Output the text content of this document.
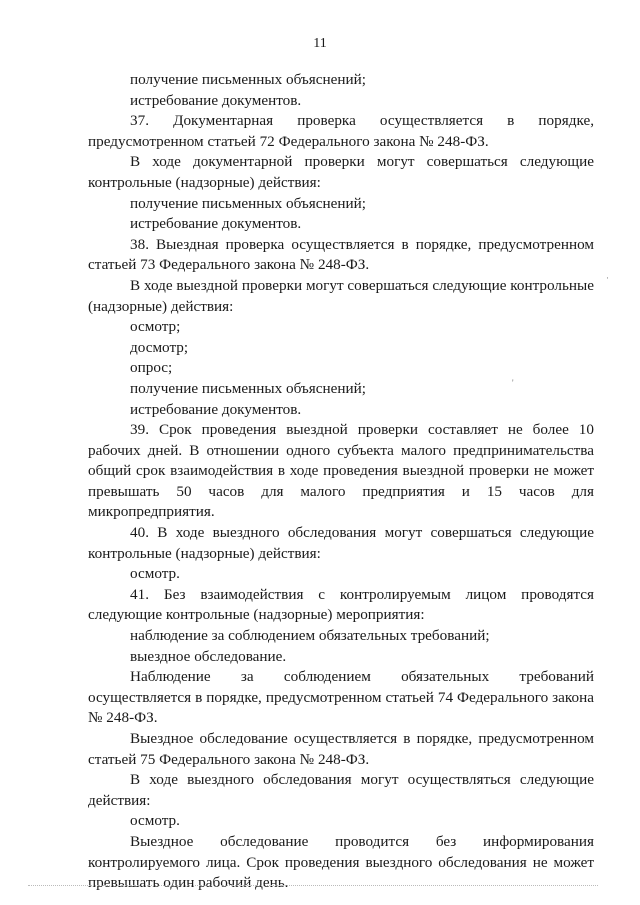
11

получение письменных объяснений;

истребование документов.

37. Документарная проверка осуществляется в порядке, предусмотренном статьей 72 Федерального закона № 248-ФЗ.

В ходе документарной проверки могут совершаться следующие контрольные (надзорные) действия:

получение письменных объяснений;

истребование документов.

38. Выездная проверка осуществляется в порядке, предусмотренном статьей 73 Федерального закона № 248-ФЗ.

В ходе выездной проверки могут совершаться следующие контрольные (надзорные) действия:

осмотр;

досмотр;

опрос;

получение письменных объяснений;

истребование документов.

39. Срок проведения выездной проверки составляет не более 10 рабочих дней. В отношении одного субъекта малого предпринимательства общий срок взаимодействия в ходе проведения выездной проверки не может превышать 50 часов для малого предприятия и 15 часов для микропредприятия.

40. В ходе выездного обследования могут совершаться следующие контрольные (надзорные) действия:

осмотр.

41. Без взаимодействия с контролируемым лицом проводятся следующие контрольные (надзорные) мероприятия:

наблюдение за соблюдением обязательных требований;

выездное обследование.

Наблюдение за соблюдением обязательных требований осуществляется в порядке, предусмотренном статьей 74 Федерального закона № 248-ФЗ.

Выездное обследование осуществляется в порядке, предусмотренном статьей 75 Федерального закона № 248-ФЗ.

В ходе выездного обследования могут осуществляться следующие действия:

осмотр.

Выездное обследование проводится без информирования контролируемого лица. Срок проведения выездного обследования не может превышать один рабочий день.

·
'
